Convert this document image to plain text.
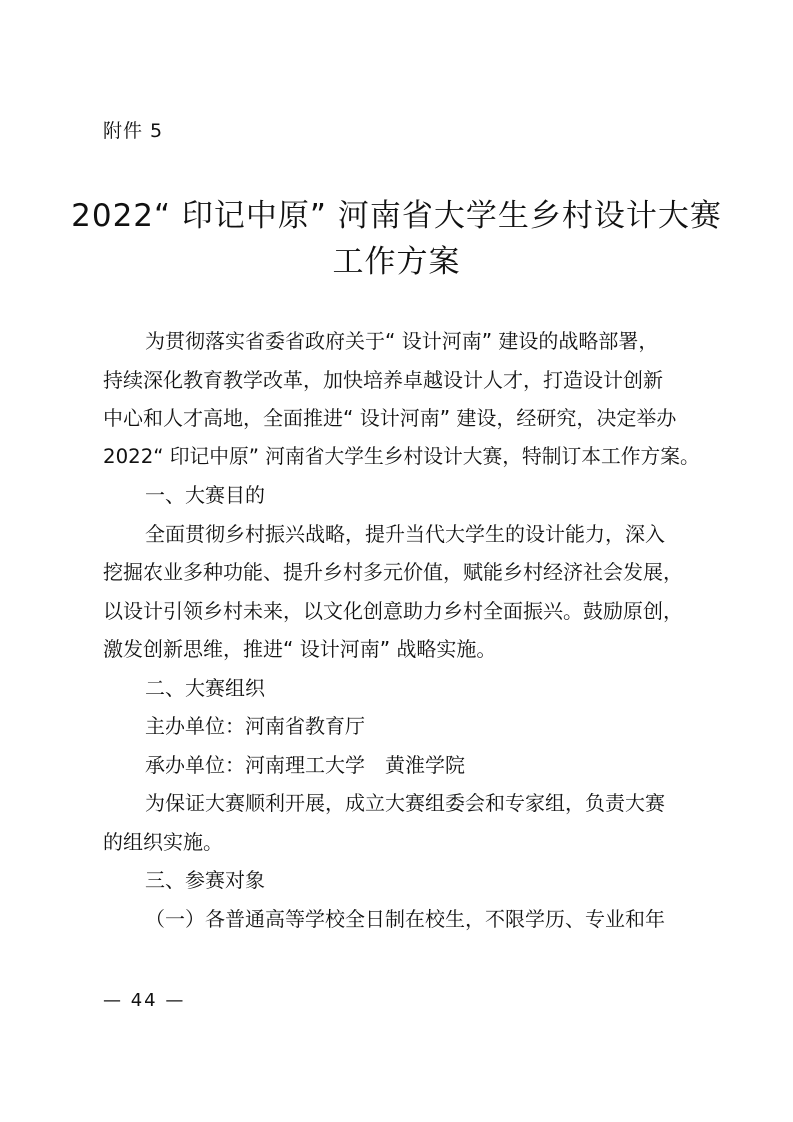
附件 5
2022“ 印记中原” 河南省大学生乡村设计大赛
工作方案

为贯彻落实省委省政府关于“ 设计河南” 建设的战略部署，

持续深化教育教学改革，加快培养卓越设计人才，打造设计创新

中心和人才高地，全面推进“ 设计河南” 建设，经研究，决定举办

2022“ 印记中原” 河南省大学生乡村设计大赛，特制订本工作方案。

一、大赛目的

全面贯彻乡村振兴战略，提升当代大学生的设计能力，深入

挖掘农业多种功能、提升乡村多元价值，赋能乡村经济社会发展，

以设计引领乡村未来，以文化创意助力乡村全面振兴。鼓励原创，

激发创新思维，推进“ 设计河南” 战略实施。

二、大赛组织

主办单位：河南省教育厅

承办单位：河南理工大学　黄淮学院

为保证大赛顺利开展，成立大赛组委会和专家组，负责大赛

的组织实施。

三、参赛对象

（一）各普通高等学校全日制在校生，不限学历、专业和年

— 44 —
